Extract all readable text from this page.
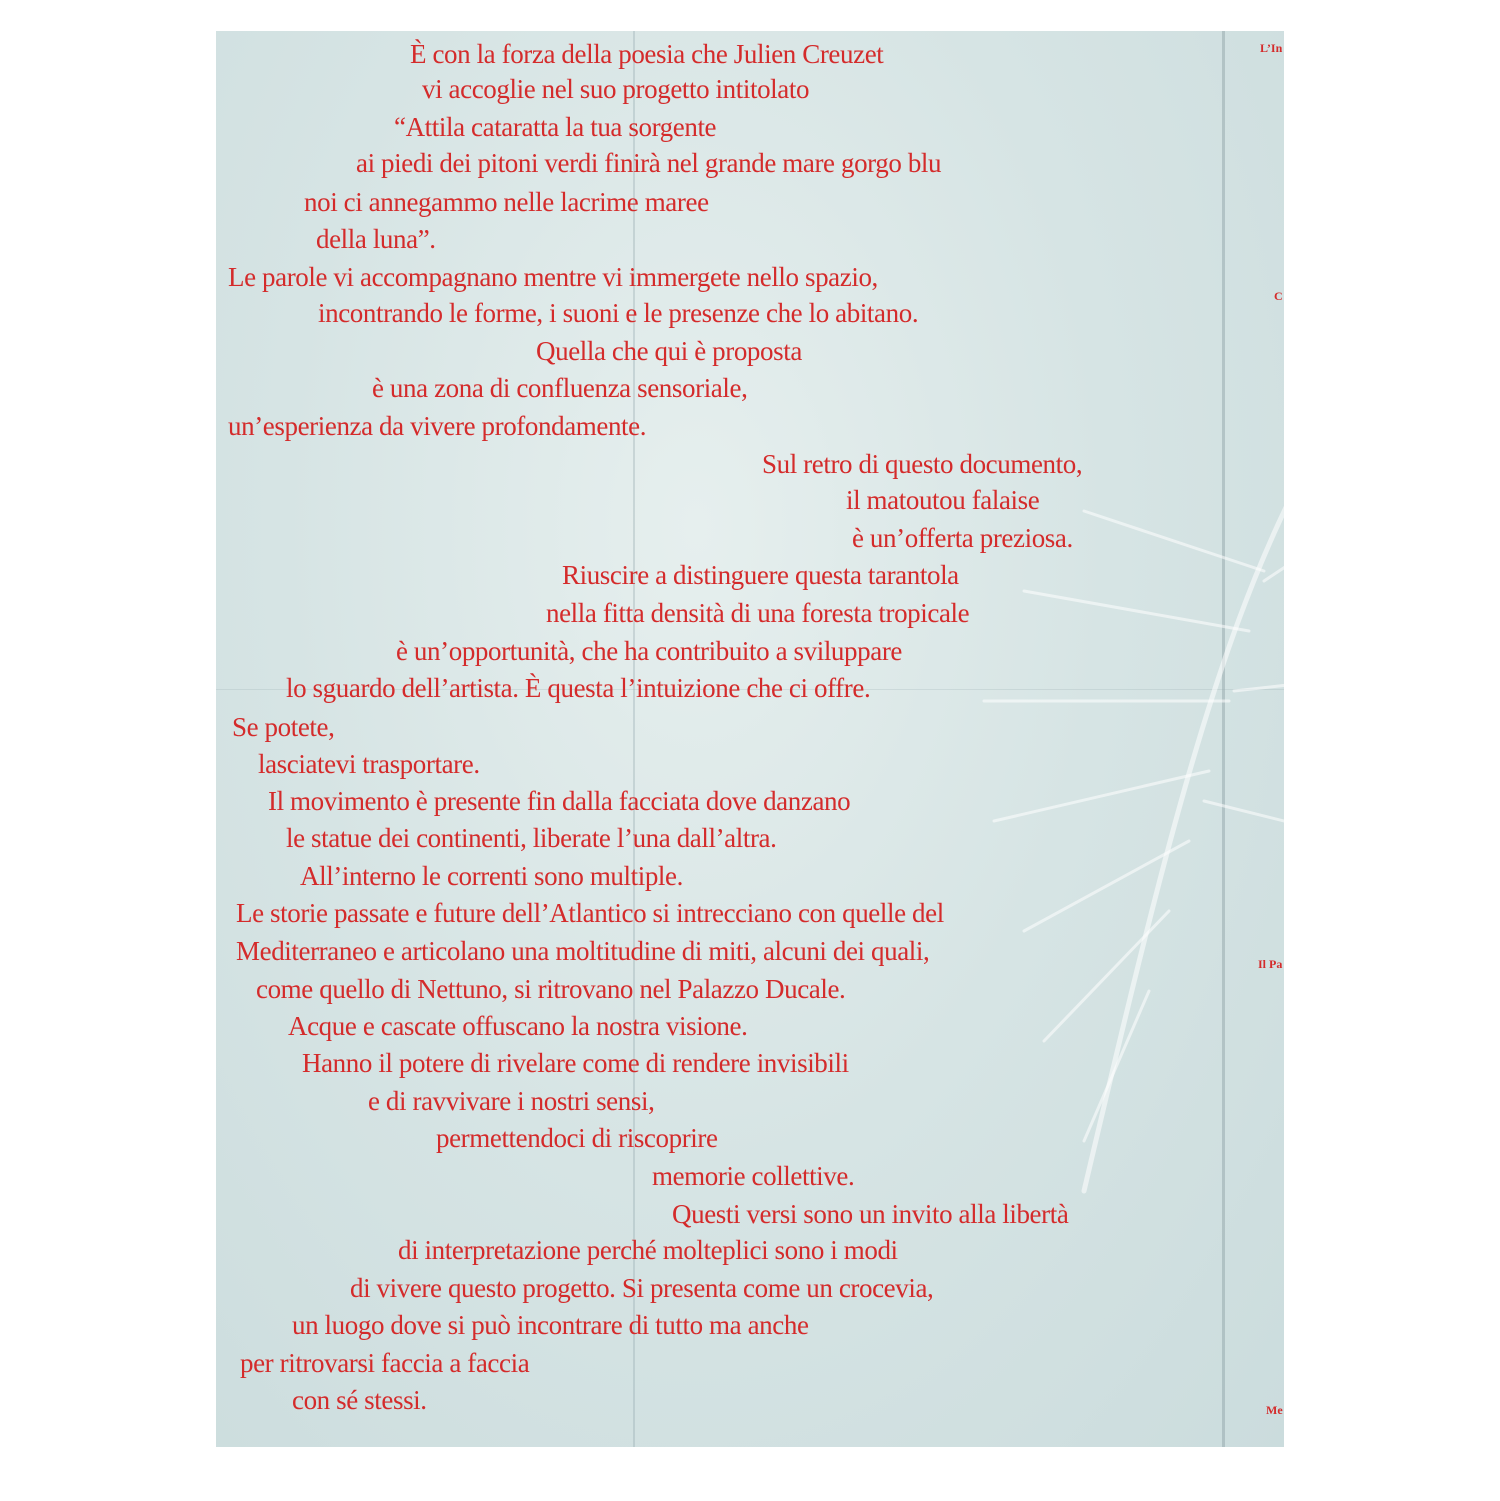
È con la forza della poesia che Julien Creuzet

vi accoglie nel suo progetto intitolato

“Attila cataratta la tua sorgente

ai piedi dei pitoni verdi finirà nel grande mare gorgo blu

noi ci annegammo nelle lacrime maree

della luna”.

Le parole vi accompagnano mentre vi immergete nello spazio,

incontrando le forme, i suoni e le presenze che lo abitano.

Quella che qui è proposta

è una zona di confluenza sensoriale,

un’esperienza da vivere profondamente.

Sul retro di questo documento,

il matoutou falaise

è un’offerta preziosa.

Riuscire a distinguere questa tarantola

nella fitta densità di una foresta tropicale

è un’opportunità, che ha contribuito a sviluppare

lo sguardo dell’artista. È questa l’intuizione che ci offre.

Se potete,

lasciatevi trasportare.

Il movimento è presente fin dalla facciata dove danzano

le statue dei continenti, liberate l’una dall’altra.

All’interno le correnti sono multiple.

Le storie passate e future dell’Atlantico si intrecciano con quelle del

Mediterraneo e articolano una moltitudine di miti, alcuni dei quali,

come quello di Nettuno, si ritrovano nel Palazzo Ducale.

Acque e cascate offuscano la nostra visione.

Hanno il potere di rivelare come di rendere invisibili

e di ravvivare i nostri sensi,

permettendoci di riscoprire

memorie collettive.

Questi versi sono un invito alla libertà

di interpretazione perché molteplici sono i modi

di vivere questo progetto. Si presenta come un crocevia,

un luogo dove si può incontrare di tutto ma anche

per ritrovarsi faccia a faccia

con sé stessi.

L’In

C

Il Pa

Me
